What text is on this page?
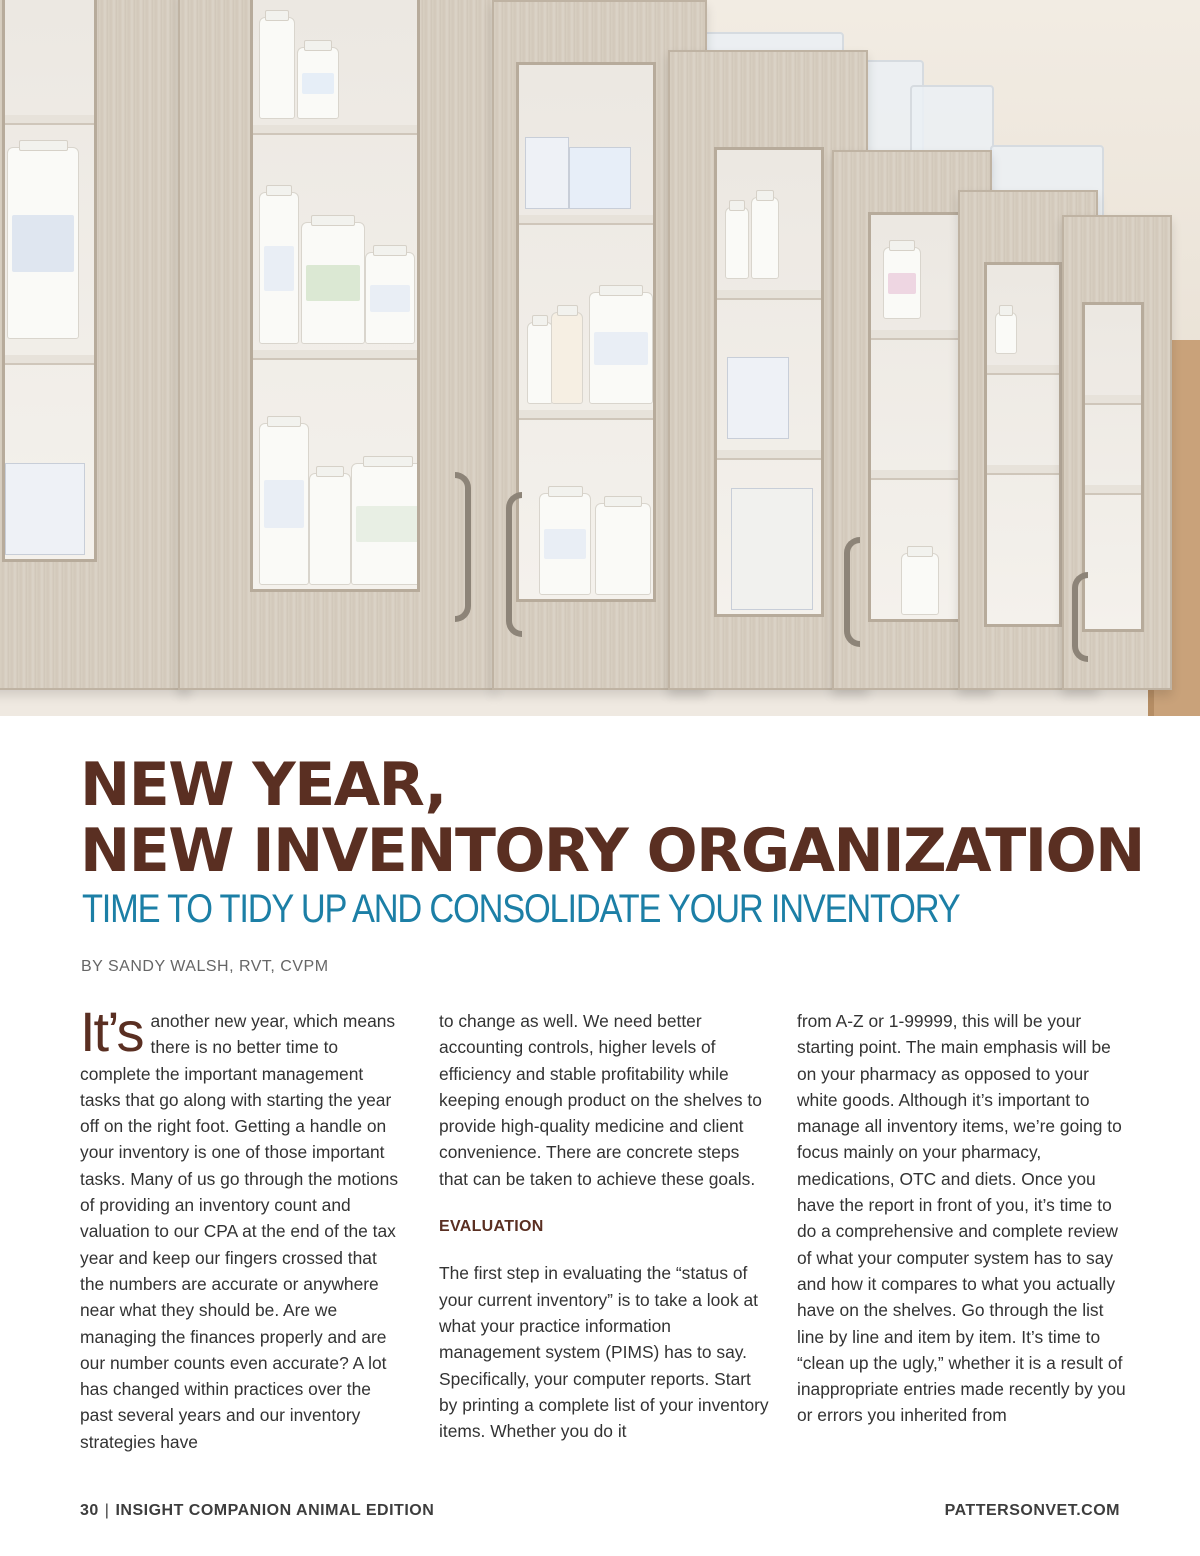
NEW YEAR,
NEW INVENTORY ORGANIZATION
TIME TO TIDY UP AND CONSOLIDATE YOUR INVENTORY
BY SANDY WALSH, RVT, CVPM
It’s another new year, which means there is no better time to complete the important management tasks that go along with starting the year off on the right foot. Getting a handle on your inventory is one of those important tasks. Many of us go through the motions of providing an inventory count and valuation to our CPA at the end of the tax year and keep our fingers crossed that the numbers are accurate or anywhere near what they should be. Are we managing the finances properly and are our number counts even accurate? A lot has changed within practices over the past several years and our inventory strategies have

to change as well. We need better accounting controls, higher levels of efficiency and stable profitability while keeping enough product on the shelves to provide high-quality medicine and client convenience. There are concrete steps that can be taken to achieve these goals.

EVALUATION

The first step in evaluating the “status of your current inventory” is to take a look at what your practice information management system (PIMS) has to say. Specifically, your computer reports. Start by printing a complete list of your inventory items. Whether you do it

from A-Z or 1-99999, this will be your starting point. The main emphasis will be on your pharmacy as opposed to your white goods. Although it’s important to manage all inventory items, we’re going to focus mainly on your pharmacy, medications, OTC and diets. Once you have the report in front of you, it’s time to do a comprehensive and complete review of what your computer system has to say and how it compares to what you actually have on the shelves. Go through the list line by line and item by item. It’s time to “clean up the ugly,” whether it is a result of inappropriate entries made recently by you or errors you inherited from

30 | INSIGHT COMPANION ANIMAL EDITION	PATTERSONVET.COM
